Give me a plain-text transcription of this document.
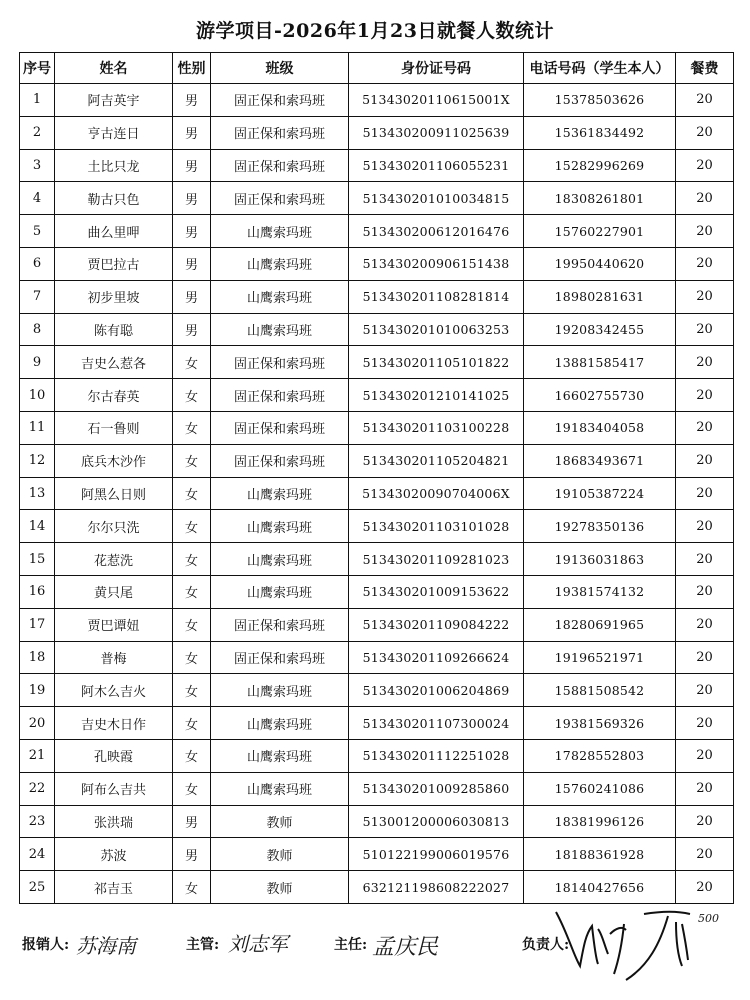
游学项目-2026年1月23日就餐人数统计
序号	姓名	性别	班级	身份证号码	电话号码（学生本人）	餐费
1	阿吉英宇	男	固正保和索玛班	51343020110615001X	15378503626	20
2	亨古连日	男	固正保和索玛班	513430200911025639	15361834492	20
3	土比只龙	男	固正保和索玛班	513430201106055231	15282996269	20
4	勒古只色	男	固正保和索玛班	513430201010034815	18308261801	20
5	曲么里呷	男	山鹰索玛班	513430200612016476	15760227901	20
6	贾巴拉古	男	山鹰索玛班	513430200906151438	19950440620	20
7	初步里坡	男	山鹰索玛班	513430201108281814	18980281631	20
8	陈有聪	男	山鹰索玛班	513430201010063253	19208342455	20
9	吉史么惹各	女	固正保和索玛班	513430201105101822	13881585417	20
10	尔古春英	女	固正保和索玛班	513430201210141025	16602755730	20
11	石一鲁则	女	固正保和索玛班	513430201103100228	19183404058	20
12	底兵木沙作	女	固正保和索玛班	513430201105204821	18683493671	20
13	阿黑么日则	女	山鹰索玛班	51343020090704006X	19105387224	20
14	尔尔只洗	女	山鹰索玛班	513430201103101028	19278350136	20
15	花惹洗	女	山鹰索玛班	513430201109281023	19136031863	20
16	黄只尾	女	山鹰索玛班	513430201009153622	19381574132	20
17	贾巴谭妞	女	固正保和索玛班	513430201109084222	18280691965	20
18	普梅	女	固正保和索玛班	513430201109266624	19196521971	20
19	阿木么吉火	女	山鹰索玛班	513430201006204869	15881508542	20
20	吉史木日作	女	山鹰索玛班	513430201107300024	19381569326	20
21	孔映霞	女	山鹰索玛班	513430201112251028	17828552803	20
22	阿布么吉共	女	山鹰索玛班	513430201009285860	15760241086	20
23	张洪瑞	男	教师	513001200006030813	18381996126	20
24	苏波	男	教师	510122199006019576	18188361928	20
25	祁吉玉	女	教师	632121198608222027	18140427656	20
报销人: 苏海南	主管: 刘志军	主任: 孟庆民	负责人:
500
